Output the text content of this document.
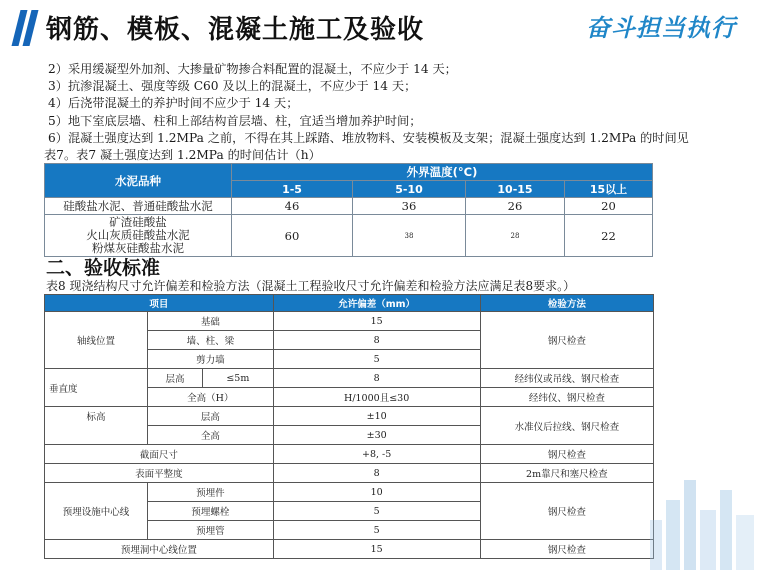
钢筋、模板、混凝土施工及验收	奋斗担当执行
2）采用缓凝型外加剂、大掺量矿物掺合料配置的混凝土，不应少于 14 天；
3）抗渗混凝土、强度等级 C60 及以上的混凝土，不应少于 14 天；
4）后浇带混凝土的养护时间不应少于 14 天；
5）地下室底层墙、柱和上部结构首层墙、柱，宜适当增加养护时间；
6）混凝土强度达到 1.2MPa 之前，不得在其上踩踏、堆放物料、安装模板及支架；混凝土强度达到 1.2MPa 的时间见
表7。表7 凝土强度达到 1.2MPa 的时间估计（h）
水泥品种	外界温度(°C)			
	1-5	5-10	10-15	15以上
硅酸盐水泥、普通硅酸盐水泥	46	36	26	20

矿渣硅酸盐
火山灰质硅酸盐水泥
粉煤灰硅酸盐水泥	60	38	28	22
二、验收标准
表8 现浇结构尺寸允许偏差和检验方法（混凝土工程验收尺寸允许偏差和检验方法应满足表8要求。）
项目			允许偏差（mm）	检验方法
轴线位置	基础		15	钢尺检查
	墙、柱、梁		8	
	剪力墙		5	
垂直度	层高	≤5m	8	经纬仪或吊线、钢尺检查
	全高（H）		H/1000且≤30	经纬仪、钢尺检查
标高	层高		±10	水准仪后拉线、钢尺检查
	全高		±30	
截面尺寸			+8, -5	钢尺检查
表面平整度			8	2m靠尺和塞尺检查
预埋设施中心线	预埋件		10	钢尺检查
	预埋螺栓		5	
	预埋管		5	
预埋洞中心线位置			15	钢尺检查
